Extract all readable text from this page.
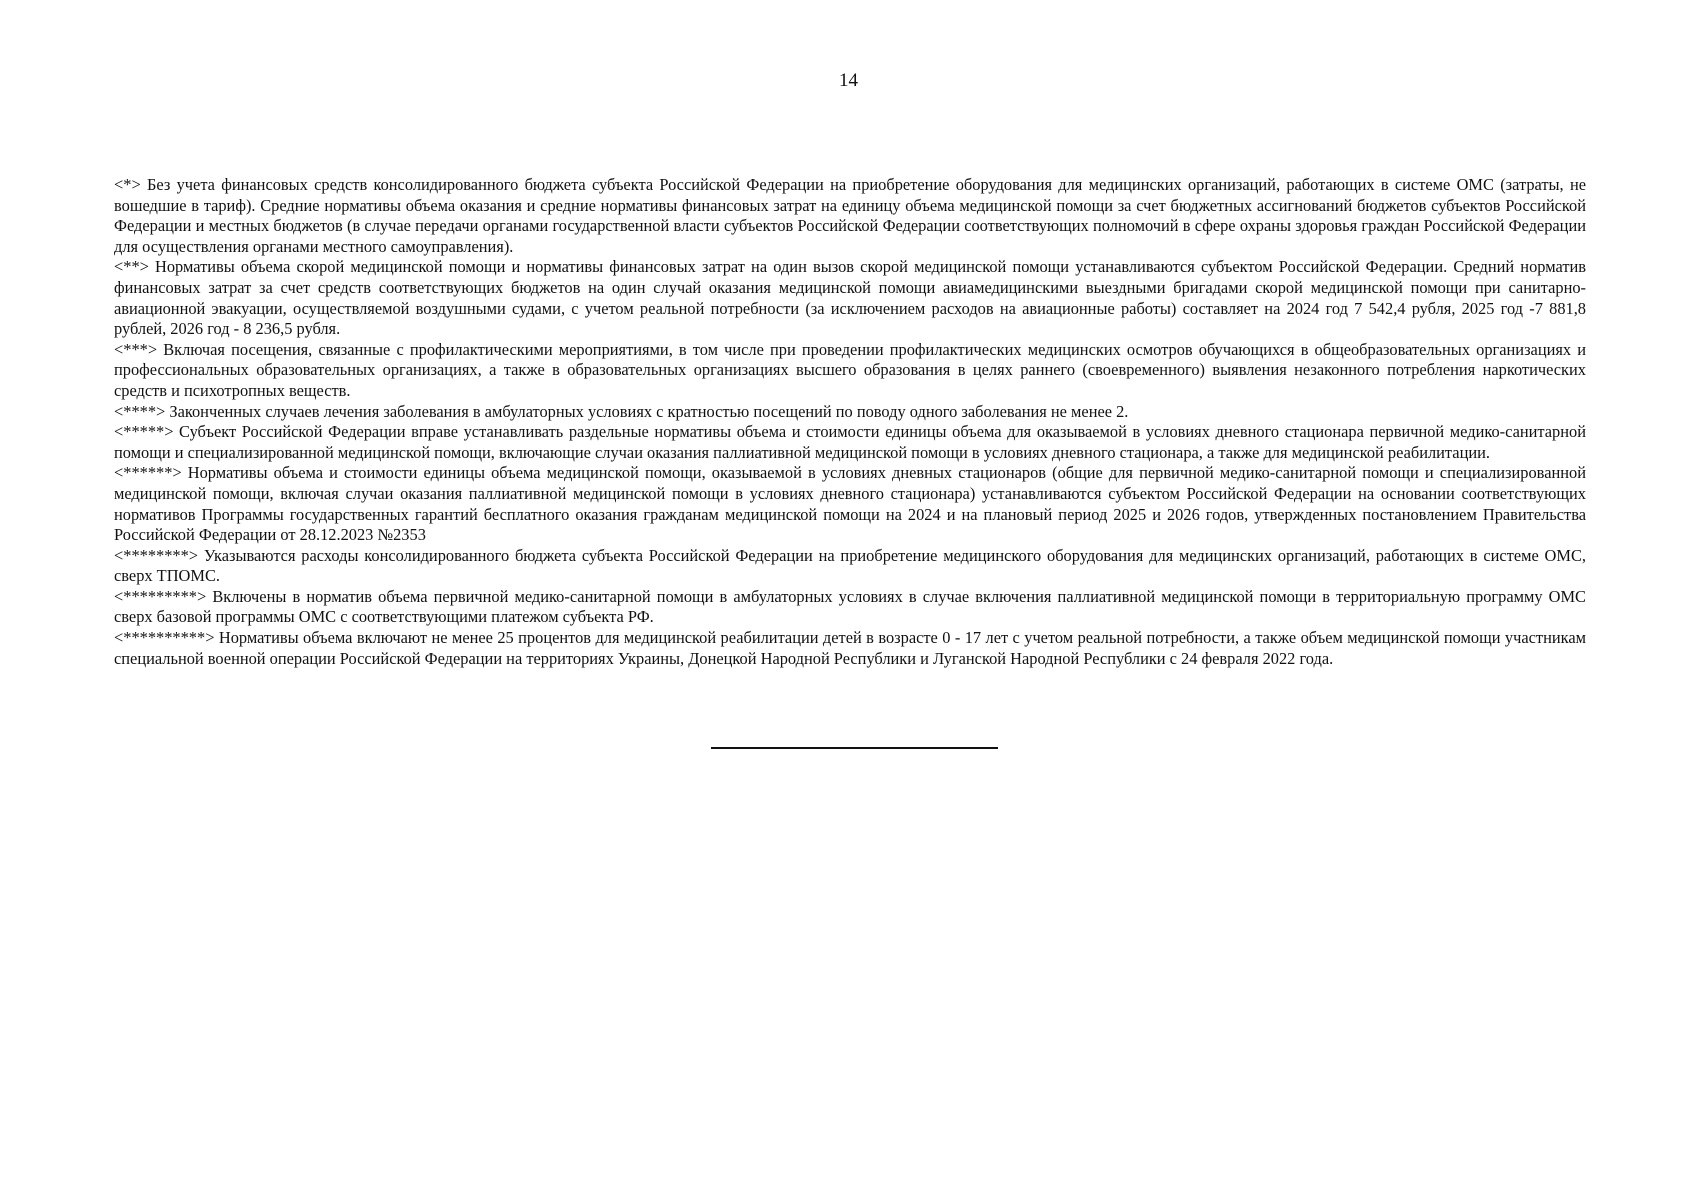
14

<*> Без учета финансовых средств консолидированного бюджета субъекта Российской Федерации на приобретение оборудования для медицинских организаций, работающих в системе ОМС (затраты, не вошедшие в тариф). Средние нормативы объема оказания и средние нормативы финансовых затрат на единицу объема медицинской помощи за счет бюджетных ассигнований бюджетов субъектов Российской Федерации и местных бюджетов (в случае передачи органами государственной власти субъектов Российской Федерации соответствующих полномочий в сфере охраны здоровья граждан Российской Федерации для осуществления органами местного самоуправления).

<**> Нормативы объема скорой медицинской помощи и нормативы финансовых затрат на один вызов скорой медицинской помощи устанавливаются субъектом Российской Федерации. Средний норматив финансовых затрат за счет средств соответствующих бюджетов на один случай оказания медицинской помощи авиамедицинскими выездными бригадами скорой медицинской помощи при санитарно-авиационной эвакуации, осуществляемой воздушными судами, с учетом реальной потребности (за исключением расходов на авиационные работы) составляет на 2024 год 7 542,4 рубля, 2025 год -7 881,8 рублей, 2026 год - 8 236,5 рубля.

<***> Включая посещения, связанные с профилактическими мероприятиями, в том числе при проведении профилактических медицинских осмотров обучающихся в общеобразовательных организациях и профессиональных образовательных организациях, а также в образовательных организациях высшего образования в целях раннего (своевременного) выявления незаконного потребления наркотических средств и психотропных веществ.

<****> Законченных случаев лечения заболевания в амбулаторных условиях с кратностью посещений по поводу одного заболевания не менее 2.

<*****> Субъект Российской Федерации вправе устанавливать раздельные нормативы объема и стоимости единицы объема для оказываемой в условиях дневного стационара первичной медико-санитарной помощи и специализированной медицинской помощи, включающие случаи оказания паллиативной медицинской помощи в условиях дневного стационара, а также для медицинской реабилитации.

<******> Нормативы объема и стоимости единицы объема медицинской помощи, оказываемой в условиях дневных стационаров (общие для первичной медико-санитарной помощи и специализированной медицинской помощи, включая случаи оказания паллиативной медицинской помощи в условиях дневного стационара) устанавливаются субъектом Российской Федерации на основании соответствующих нормативов Программы государственных гарантий бесплатного оказания гражданам медицинской помощи на 2024 и на плановый период 2025 и 2026 годов, утвержденных постановлением Правительства Российской Федерации от 28.12.2023 №2353

<********> Указываются расходы консолидированного бюджета субъекта Российской Федерации на приобретение медицинского оборудования для медицинских организаций, работающих в системе ОМС, сверх ТПОМС.

<*********> Включены в норматив объема первичной медико-санитарной помощи в амбулаторных условиях в случае включения паллиативной медицинской помощи в территориальную программу ОМС сверх базовой программы ОМС с соответствующими платежом субъекта РФ.

<**********> Нормативы объема включают не менее 25 процентов для медицинской реабилитации детей в возрасте 0 - 17 лет с учетом реальной потребности, а также объем медицинской помощи участникам специальной военной операции Российской Федерации на территориях Украины, Донецкой Народной Республики и Луганской Народной Республики с 24 февраля 2022 года.
